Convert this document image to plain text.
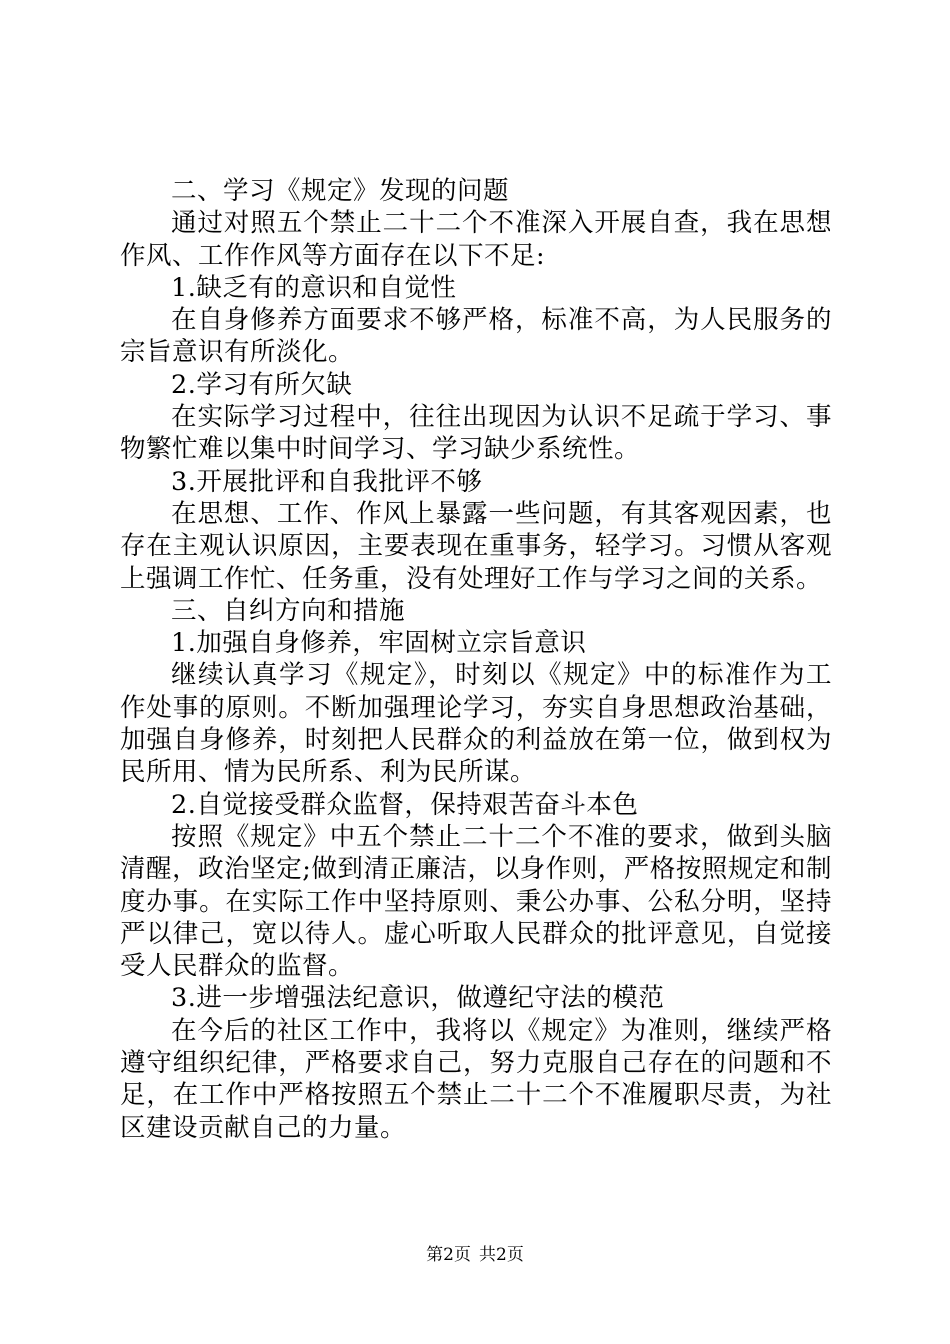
二、学习《规定》发现的问题

通过对照五个禁止二十二个不准深入开展自查，我在思想作风、工作作风等方面存在以下不足:

1.缺乏有的意识和自觉性

在自身修养方面要求不够严格，标准不高，为人民服务的宗旨意识有所淡化。

2.学习有所欠缺

在实际学习过程中，往往出现因为认识不足疏于学习、事物繁忙难以集中时间学习、学习缺少系统性。

3.开展批评和自我批评不够

在思想、工作、作风上暴露一些问题，有其客观因素，也存在主观认识原因，主要表现在重事务，轻学习。习惯从客观上强调工作忙、任务重，没有处理好工作与学习之间的关系。

三、自纠方向和措施

1.加强自身修养，牢固树立宗旨意识

继续认真学习《规定》，时刻以《规定》中的标准作为工作处事的原则。不断加强理论学习，夯实自身思想政治基础，加强自身修养，时刻把人民群众的利益放在第一位，做到权为民所用、情为民所系、利为民所谋。

2.自觉接受群众监督，保持艰苦奋斗本色

按照《规定》中五个禁止二十二个不准的要求，做到头脑清醒，政治坚定;做到清正廉洁，以身作则，严格按照规定和制度办事。在实际工作中坚持原则、秉公办事、公私分明，坚持严以律己，宽以待人。虚心听取人民群众的批评意见，自觉接受人民群众的监督。

3.进一步增强法纪意识，做遵纪守法的模范

在今后的社区工作中，我将以《规定》为准则，继续严格遵守组织纪律，严格要求自己，努力克服自己存在的问题和不足，在工作中严格按照五个禁止二十二个不准履职尽责，为社区建设贡献自己的力量。

第2页 共2页
